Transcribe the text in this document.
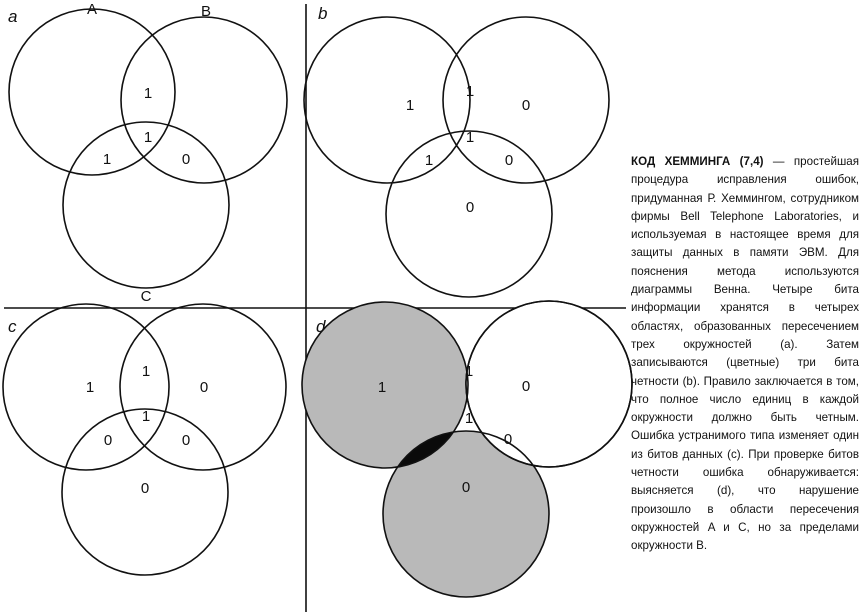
a	A	B
C
1
1
1	0
b
1
1
0
1
1
0
0
c
1
1
0
0
1
0
0
d
1
1
0
1
0
0

КОД ХЕММИНГА (7,4) — простейшая процедура исправления ошибок, придуманная Р. Хеммингом, сотрудником фирмы Bell Telephone Laboratories, и используемая в настоящее время для защиты данных в памяти ЭВМ. Для пояснения метода используются диаграммы Венна. Четыре бита информации хранятся в четырех областях, образованных пересечением трех окружностей (a). Затем записываются (цветные) три бита четности (b). Правило заключается в том, что полное число единиц в каждой окружности должно быть четным. Ошибка устранимого типа изменяет один из битов данных (c). При проверке битов четности ошибка обнаруживается: выясняется (d), что нарушение произошло в области пересечения окружностей A и C, но за пределами окружности B.
